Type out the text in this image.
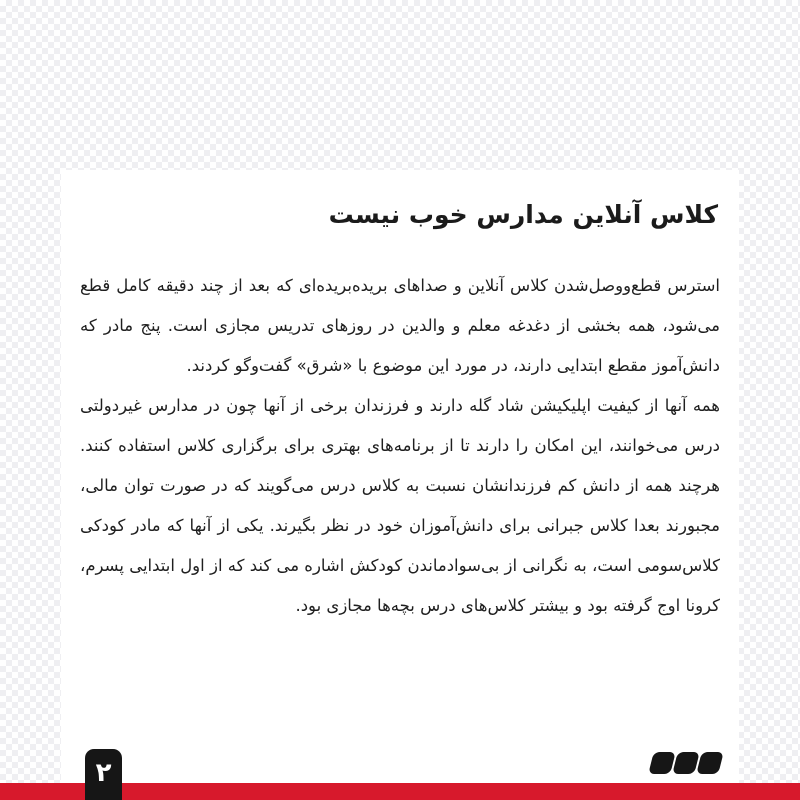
کلاس آنلاین مدارس خوب نیست

استرس قطع‌ووصل‌شدن کلاس آنلاین و صداهای بریده‌بریده‌ای که بعد از چند دقیقه کامل قطع می‌شود، همه بخشی از دغدغه معلم و والدین در روزهای تدریس مجازی است. پنج مادر که دانش‌آموز مقطع ابتدایی دارند، در مورد این موضوع با «شرق» گفت‌وگو کردند.

همه آنها از کیفیت اپلیکیشن شاد گله دارند و فرزندان برخی از آنها چون در مدارس غیردولتی درس می‌خوانند، این امکان را دارند تا از برنامه‌های بهتری برای برگزاری کلاس استفاده کنند. هرچند همه از دانش کم فرزندانشان نسبت به کلاس درس می‌گویند که در صورت توان مالی، مجبورند بعدا کلاس جبرانی برای دانش‌آموزان خود در نظر بگیرند. یکی از آنها که مادر کودکی کلاس‌سومی است، به نگرانی از بی‌سوادماندن کودکش اشاره می کند که از اول ابتدایی پسرم، کرونا اوج گرفته بود و بیشتر کلاس‌های درس بچه‌ها مجازی بود.

۲
